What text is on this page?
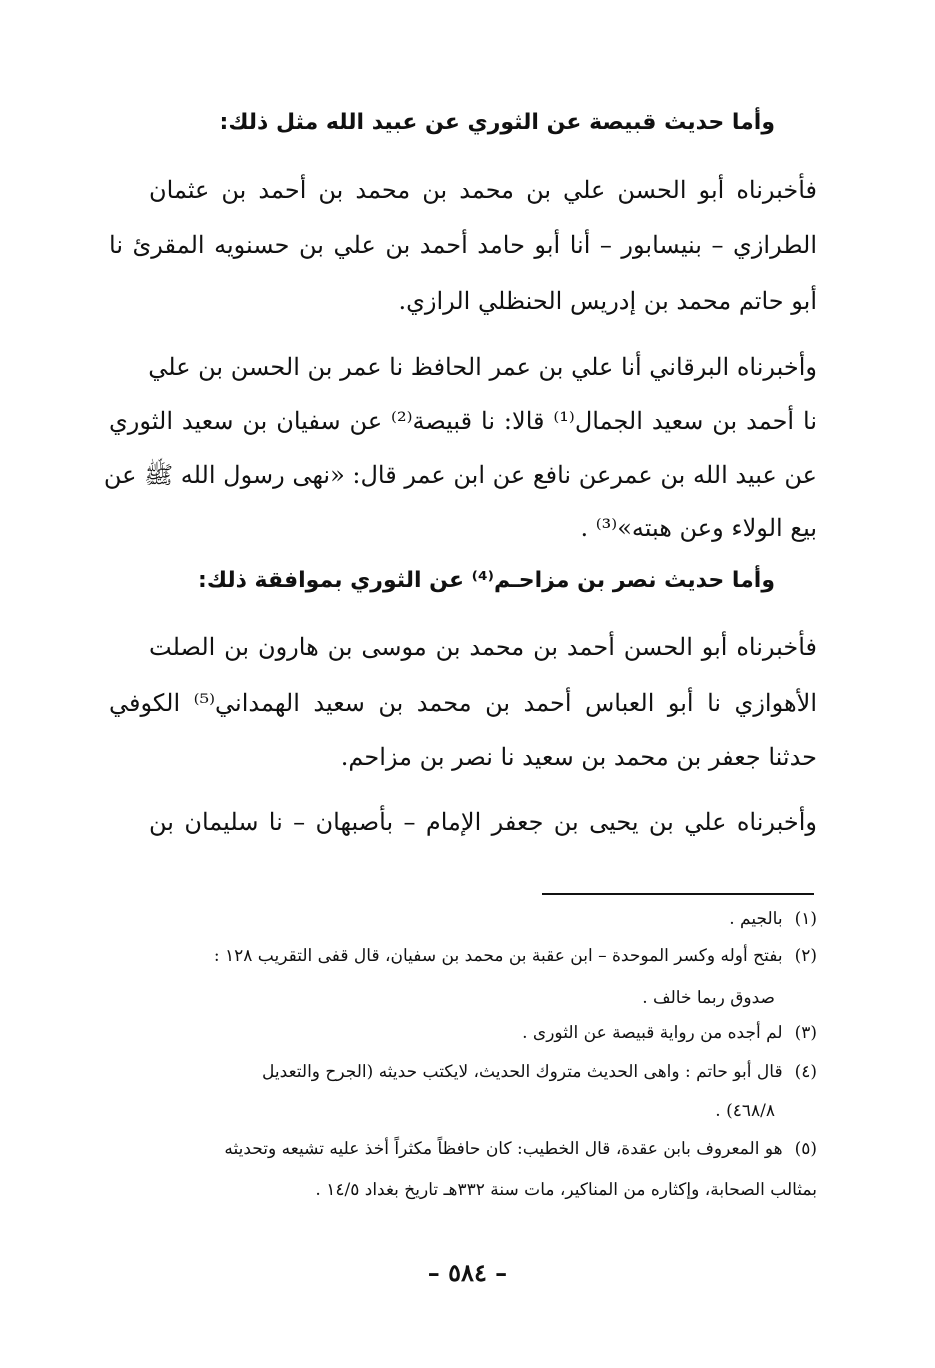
وأما حديث قبيصة عن الثوري عن عبيد الله مثل ذلك:
فأخبرناه أبو الحسن علي بن محمد بن محمد بن أحمد بن عثمان
الطرازي – بنيسابور – أنا أبو حامد أحمد بن علي بن حسنويه المقرئ نا
أبو حاتم محمد بن إدريس الحنظلي الرازي.
وأخبرناه البرقاني أنا علي بن عمر الحافظ نا عمر بن الحسن بن علي
نا أحمد بن سعيد الجمال⁽¹⁾ قالا: نا قبيصة⁽²⁾ عن سفيان بن سعيد الثوري
عن عبيد الله بن عمرعن نافع عن ابن عمر قال: «نهى رسول الله ﷺ عن
بيع الولاء وعن هبته»⁽³⁾ .
وأما حديث نصر بن مزاحـم⁽⁴⁾ عن الثوري بموافقة ذلك:
فأخبرناه أبو الحسن أحمد بن محمد بن موسى بن هارون بن الصلت
الأهوازي نا أبو العباس أحمد بن محمد بن سعيد الهمداني⁽⁵⁾ الكوفي
حدثنا جعفر بن محمد بن سعيد نا نصر بن مزاحم.
وأخبرناه علي بن يحيى بن جعفر الإمام – بأصبهان – نا سليمان بن
(١)بالجيم .
(٢)بفتح أوله وكسر الموحدة – ابن عقبة بن محمد بن سفيان، قال قفى التقريب ١٢٨ :
صدوق ربما خالف .
(٣)لم أجده من رواية قبيصة عن الثورى .
(٤)قال أبو حاتم : واهى الحديث متروك الحديث، لايكتب حديثه (الجرح والتعديل
٤٦٨/٨) .
(٥)هو المعروف بابن عقدة، قال الخطيب: كان حافظاً مكثراً أخذ عليه تشيعه وتحديثه
بمثالب الصحابة، وإكثاره من المناكير، مات سنة ٣٣٢هـ تاريخ بغداد ١٤/٥ .
– ٥٨٤ –
